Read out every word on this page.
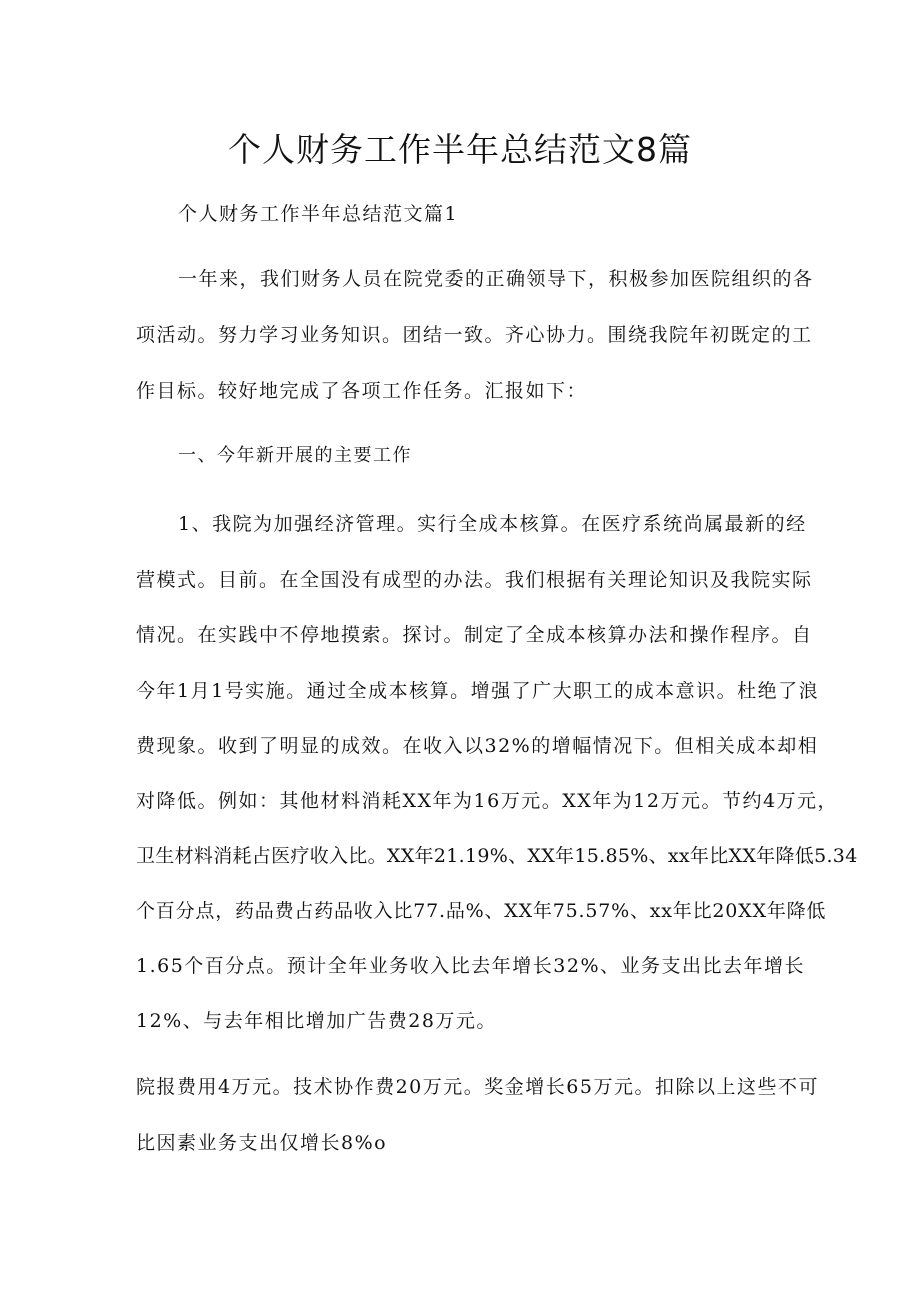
个人财务工作半年总结范文8篇
个人财务工作半年总结范文篇1
一年来，我们财务人员在院党委的正确领导下，积极参加医院组织的各
项活动。努力学习业务知识。团结一致。齐心协力。围绕我院年初既定的工
作目标。较好地完成了各项工作任务。汇报如下：
一、今年新开展的主要工作
1、我院为加强经济管理。实行全成本核算。在医疗系统尚属最新的经
营模式。目前。在全国没有成型的办法。我们根据有关理论知识及我院实际
情况。在实践中不停地摸索。探讨。制定了全成本核算办法和操作程序。自
今年1月1号实施。通过全成本核算。增强了广大职工的成本意识。杜绝了浪
费现象。收到了明显的成效。在收入以32%的增幅情况下。但相关成本却相
对降低。例如：其他材料消耗XX年为16万元。XX年为12万元。节约4万元，
卫生材料消耗占医疗收入比。XX年21.19%、XX年15.85%、xx年比XX年降低5.34
个百分点，药品费占药品收入比77.品%、XX年75.57%、xx年比20XX年降低
1.65个百分点。预计全年业务收入比去年增长32%、业务支出比去年增长
12%、与去年相比增加广告费28万元。
院报费用4万元。技术协作费20万元。奖金增长65万元。扣除以上这些不可
比因素业务支出仅增长8%o
